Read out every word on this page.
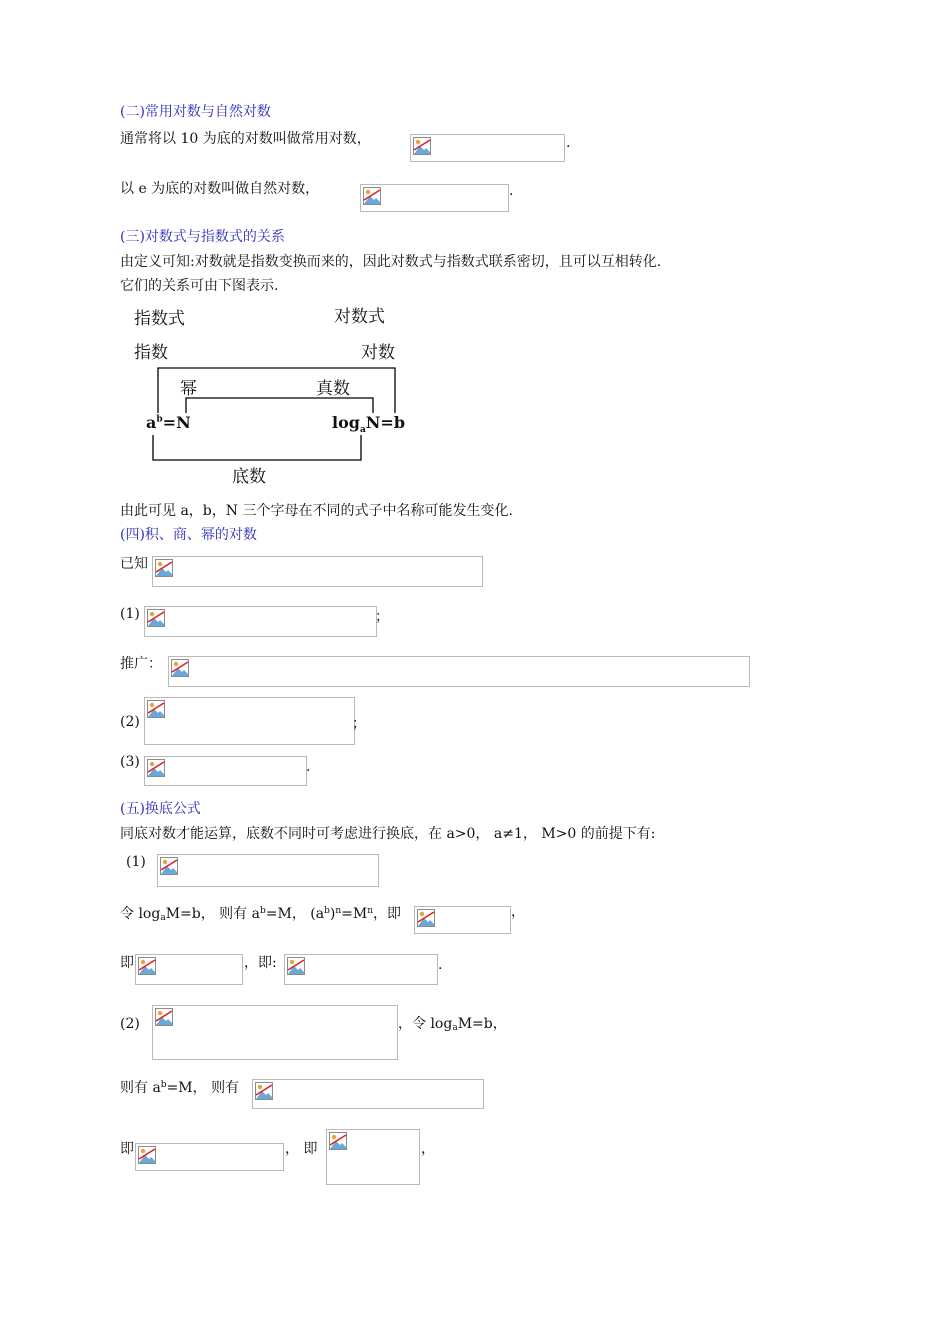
(二)常用对数与自然对数
通常将以 10 为底的对数叫做常用对数，	.
以 e 为底的对数叫做自然对数，	.
(三)对数式与指数式的关系
由定义可知:对数就是指数变换而来的，因此对数式与指数式联系密切，且可以互相转化.
它们的关系可由下图表示.
指数式	对数式
指数	对数
幂	真数
$a^b=N$	$\log_aN=b$
底数
由此可见 a，b，N 三个字母在不同的式子中名称可能发生变化.
(四)积、商、幂的对数
已知
(1)	；
推广：
(2)	；
(3)	.
(五)换底公式
同底对数才能运算，底数不同时可考虑进行换底，在 a>0， a≠1， M>0 的前提下有:
(1)
令 logaM=b， 则有 $a^b=M$， $(a^b)^n=M^n$，即	，
即	，即:	.
(2)	，令 logaM=b，
则有 $a^b=M$， 则有
即	， 即	，
